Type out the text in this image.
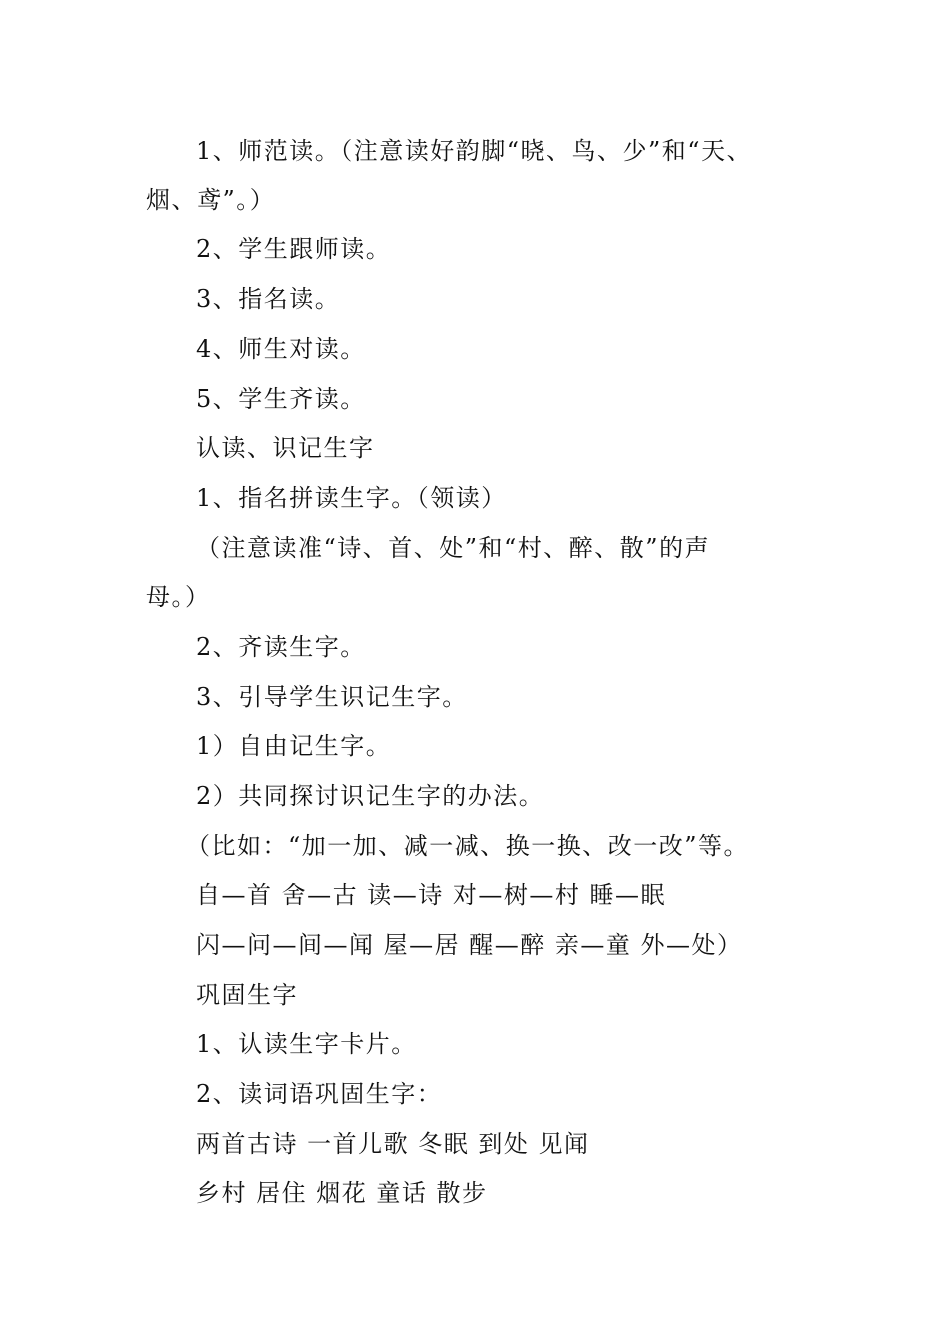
1、师范读。（注意读好韵脚“晓、鸟、少”和“天、
烟、鸢”。）
2、学生跟师读。
3、指名读。
4、师生对读。
5、学生齐读。
认读、识记生字
1、指名拼读生字。（领读）
（注意读准“诗、首、处”和“村、醉、散”的声
母。）
2、齐读生字。
3、引导学生识记生字。
1）自由记生字。
2）共同探讨识记生字的办法。
（比如：“加一加、减一减、换一换、改一改”等。
自—首 舍—古 读—诗 对—树—村 睡—眠
闪—问—间—闻 屋—居 醒—醉 亲—童 外—处）
巩固生字
1、认读生字卡片。
2、读词语巩固生字：
两首古诗 一首儿歌 冬眠 到处 见闻
乡村 居住 烟花 童话 散步
